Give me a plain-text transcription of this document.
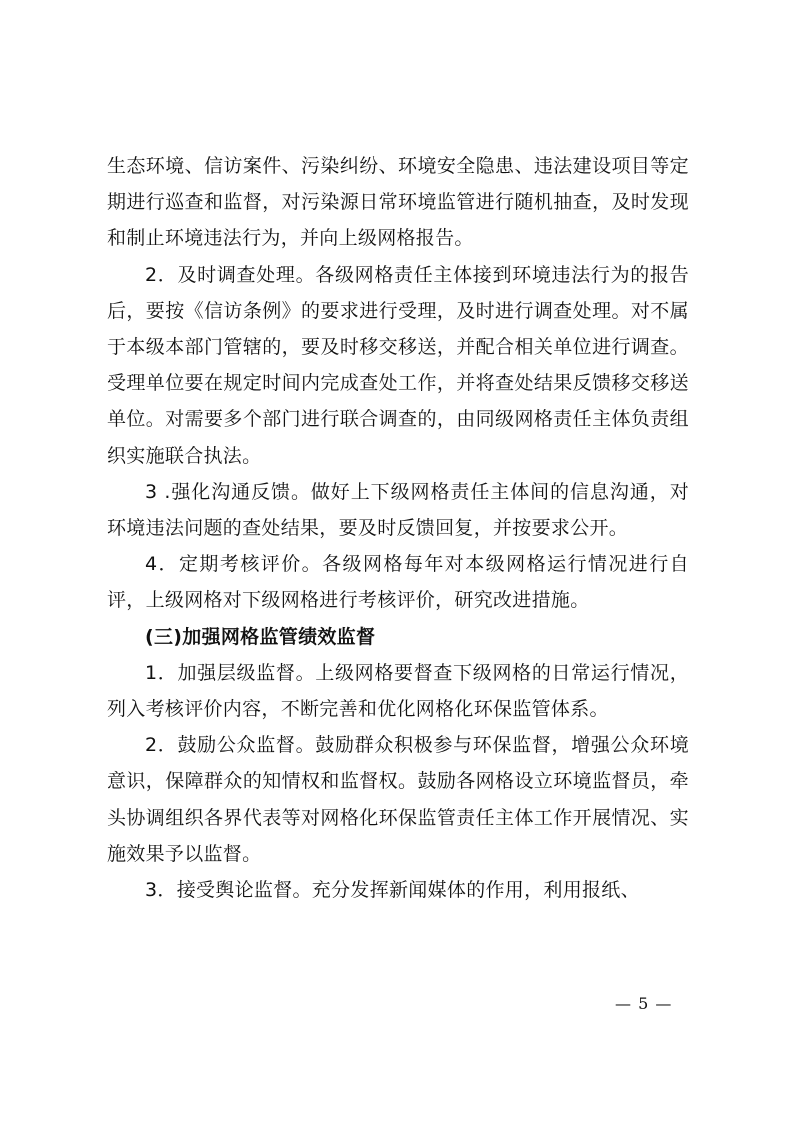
生态环境、信访案件、污染纠纷、环境安全隐患、违法建设项目等定期进行巡查和监督，对污染源日常环境监管进行随机抽查，及时发现和制止环境违法行为，并向上级网格报告。

2．及时调查处理。各级网格责任主体接到环境违法行为的报告后，要按《信访条例》的要求进行受理，及时进行调查处理。对不属于本级本部门管辖的，要及时移交移送，并配合相关单位进行调查。受理单位要在规定时间内完成查处工作，并将查处结果反馈移交移送单位。对需要多个部门进行联合调查的，由同级网格责任主体负责组织实施联合执法。

3 .强化沟通反馈。做好上下级网格责任主体间的信息沟通，对环境违法问题的查处结果，要及时反馈回复，并按要求公开。

4．定期考核评价。各级网格每年对本级网格运行情况进行自评，上级网格对下级网格进行考核评价，研究改进措施。

(三)加强网格监管绩效监督

1．加强层级监督。上级网格要督查下级网格的日常运行情况，列入考核评价内容，不断完善和优化网格化环保监管体系。

2．鼓励公众监督。鼓励群众积极参与环保监督，增强公众环境意识，保障群众的知情权和监督权。鼓励各网格设立环境监督员，牵头协调组织各界代表等对网格化环保监管责任主体工作开展情况、实施效果予以监督。

3．接受舆论监督。充分发挥新闻媒体的作用，利用报纸、

— 5 —
